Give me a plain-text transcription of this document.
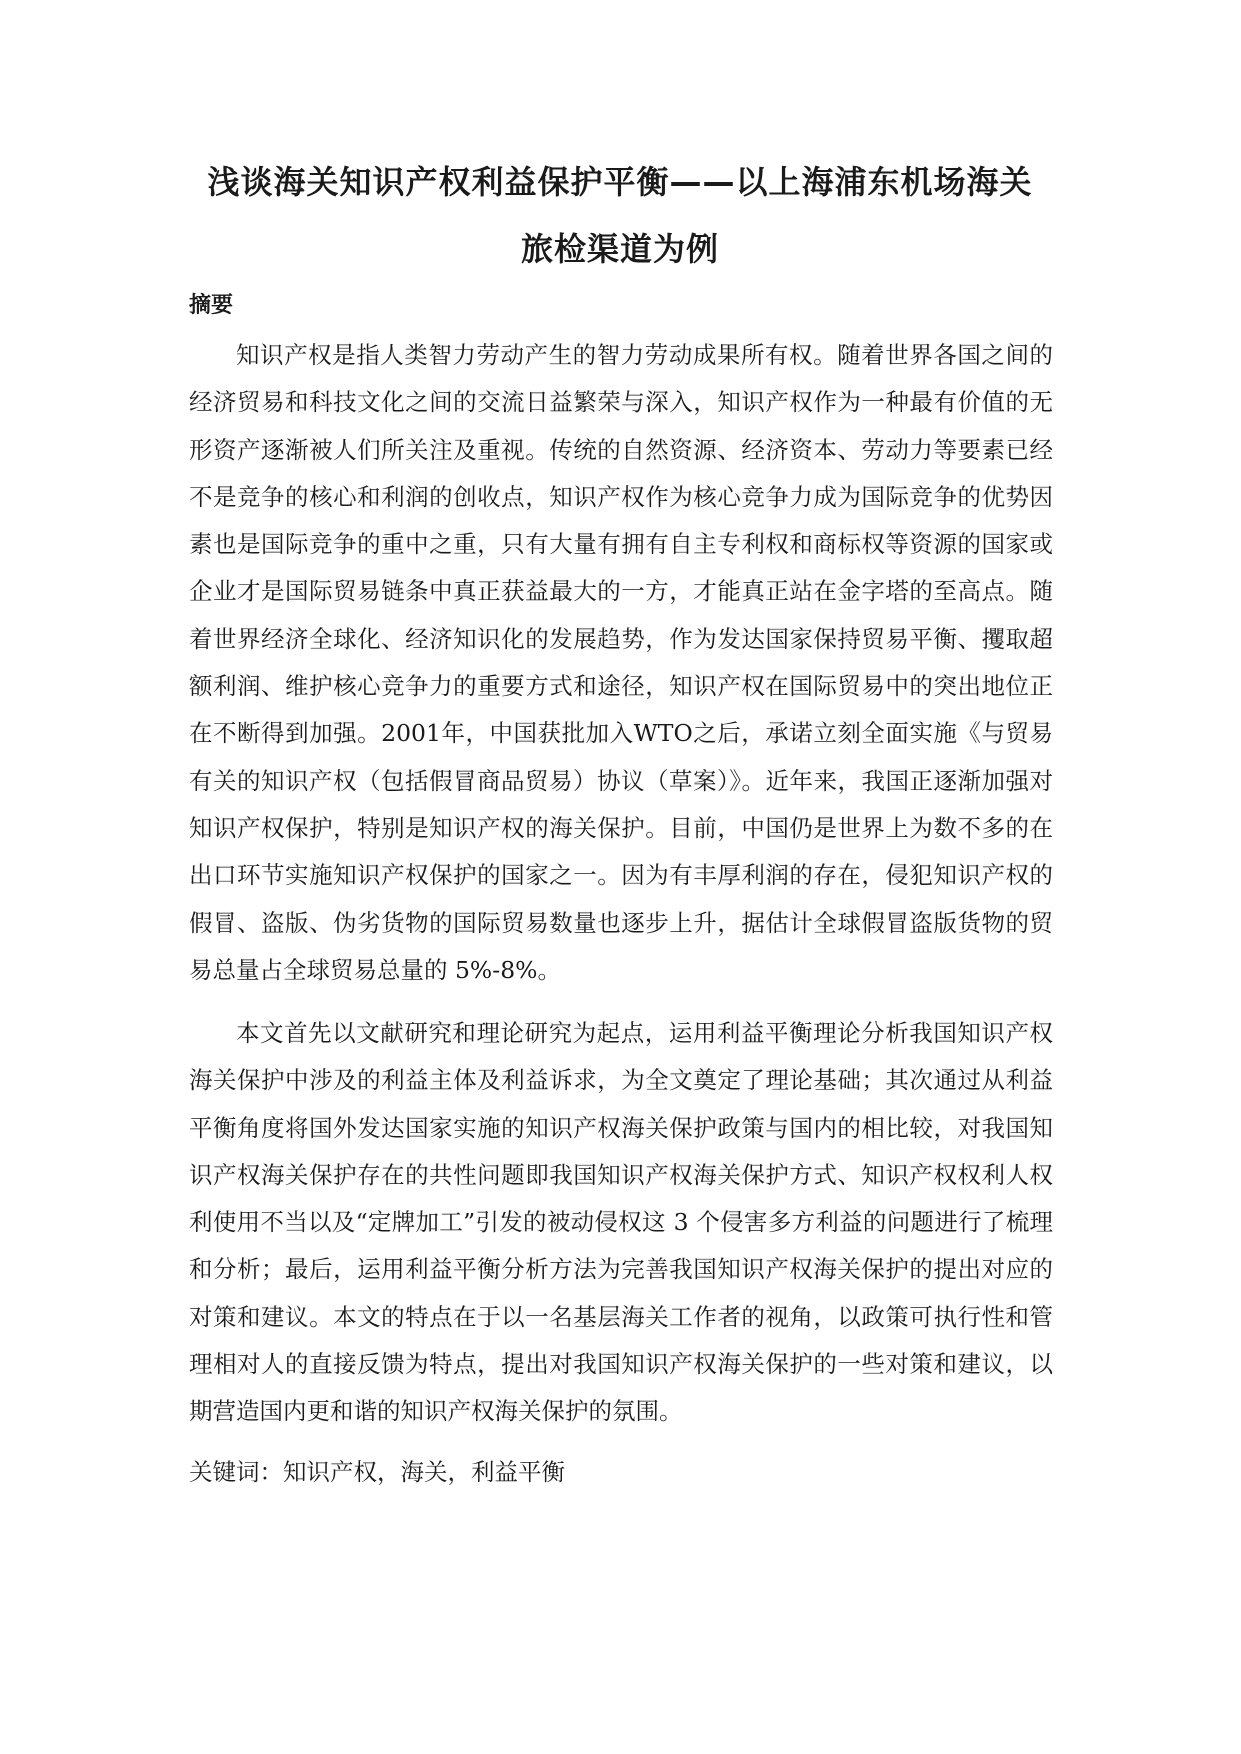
浅谈海关知识产权利益保护平衡——以上海浦东机场海关
旅检渠道为例
摘要

知识产权是指人类智力劳动产生的智力劳动成果所有权。随着世界各国之间的经济贸易和科技文化之间的交流日益繁荣与深入，知识产权作为一种最有价值的无形资产逐渐被人们所关注及重视。传统的自然资源、经济资本、劳动力等要素已经不是竞争的核心和利润的创收点，知识产权作为核心竞争力成为国际竞争的优势因素也是国际竞争的重中之重，只有大量有拥有自主专利权和商标权等资源的国家或企业才是国际贸易链条中真正获益最大的一方，才能真正站在金字塔的至高点。随着世界经济全球化、经济知识化的发展趋势，作为发达国家保持贸易平衡、攫取超额利润、维护核心竞争力的重要方式和途径，知识产权在国际贸易中的突出地位正在不断得到加强。2001年，中国获批加入WTO之后，承诺立刻全面实施《与贸易有关的知识产权（包括假冒商品贸易）协议（草案）》。近年来，我国正逐渐加强对知识产权保护，特别是知识产权的海关保护。目前，中国仍是世界上为数不多的在出口环节实施知识产权保护的国家之一。因为有丰厚利润的存在，侵犯知识产权的假冒、盗版、伪劣货物的国际贸易数量也逐步上升，据估计全球假冒盗版货物的贸易总量占全球贸易总量的 5%-8%。

本文首先以文献研究和理论研究为起点，运用利益平衡理论分析我国知识产权海关保护中涉及的利益主体及利益诉求，为全文奠定了理论基础；其次通过从利益平衡角度将国外发达国家实施的知识产权海关保护政策与国内的相比较，对我国知识产权海关保护存在的共性问题即我国知识产权海关保护方式、知识产权权利人权利使用不当以及“定牌加工”引发的被动侵权这 3 个侵害多方利益的问题进行了梳理和分析；最后，运用利益平衡分析方法为完善我国知识产权海关保护的提出对应的对策和建议。本文的特点在于以一名基层海关工作者的视角，以政策可执行性和管理相对人的直接反馈为特点，提出对我国知识产权海关保护的一些对策和建议，以期营造国内更和谐的知识产权海关保护的氛围。

关键词：知识产权，海关，利益平衡
